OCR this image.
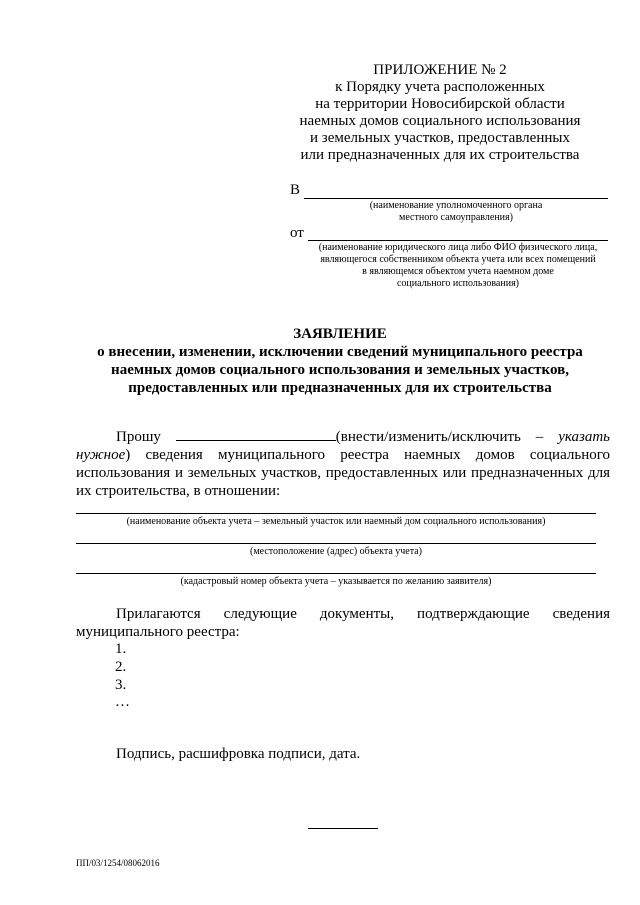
ПРИЛОЖЕНИЕ № 2
к Порядку учета расположенных
на территории Новосибирской области
наемных домов социального использования
и земельных участков, предоставленных
или предназначенных для их строительства
В
(наименование уполномоченного органа
местного самоуправления)
от
(наименование юридического лица либо ФИО физического лица,
являющегося собственником объекта учета или всех помещений
в являющемся объектом учета наемном доме
социального использования)
ЗАЯВЛЕНИЕ
о внесении, изменении, исключении сведений муниципального реестра
наемных домов социального использования и земельных участков,
предоставленных или предназначенных для их строительства
Прошу	(внести/изменить/исключить – указать
нужное) сведения муниципального реестра наемных домов социального
использования и земельных участков, предоставленных или предназначенных для
их строительства, в отношении:
(наименование объекта учета – земельный участок или наемный дом социального использования)
(местоположение (адрес) объекта учета)
(кадастровый номер объекта учета – указывается по желанию заявителя)
Прилагаются следующие документы, подтверждающие сведения
муниципального реестра:
1.
2.
3.
…
Подпись, расшифровка подписи, дата.
ПП/03/1254/08062016
